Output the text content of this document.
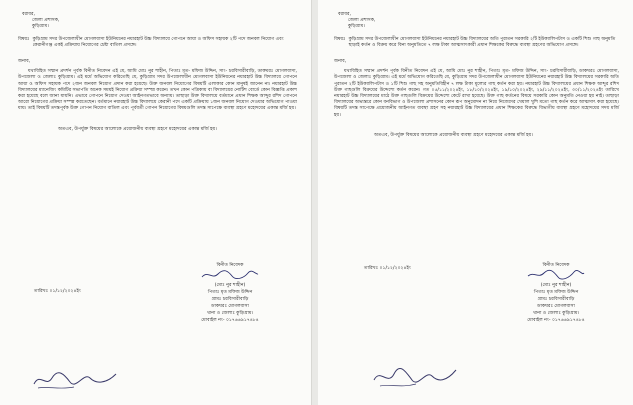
বরাবর,
জেলা প্রশাসক,
কুড়িগ্রাম।
বিষয়ঃ কুড়িগ্রাম সদর উপজেলাধীন মোগলবাসা ইউনিয়নের নয়ারহাট উচ্চ বিদ্যালয়ে গোপনে আয়া ও অফিস সহায়ক ২টি পদে জনবল নিয়োগ এবং কেরানীগঞ্জ একই প্রক্রিয়ায় নিয়োগের চেষ্টা বাতিল প্রসঙ্গে।
জনাব,
যথাবিহিত সম্মান প্রদর্শন পূর্বক বিনীত নিবেদন এই যে, আমি মোঃ নুর শাহীন, পিতাঃ মৃত- মফিজ উদ্দিন, সাং- চরবিসারীবাড়ি, ডাকঘরঃ মোগলবাসা, উপজেলা ও জেলাঃ কুড়িগ্রাম। এই মর্মে অভিযোগ করিতেছি যে, কুড়িগ্রাম সদর উপজেলাধীন মোগলবাসা ইউনিয়নের নয়ারহাট উচ্চ বিদ্যালয়ে গোপনে আয়া ও অফিস সহায়ক পদে ২জন জনবল নিয়োগ প্রদান করা হয়েছে। উক্ত জনবল নিয়োগের বিষয়টি এলাকার কোন মানুষই জানেন না। নয়ারহাট উচ্চ বিদ্যালয়ের ম্যানেজিং কমিটির সভাপতি অনেক সময়ই নিয়োগ প্রক্রিয়া সম্পন্ন করেন। তখন কোন পত্রিকায় বা বিদ্যালয়ের নোটিশ বোর্ডে কোন বিজ্ঞপ্তি প্রকাশ করা হয়েছে বলে জানা যায়নি। এভাবে গোপনে নিয়োগ দেওয়া আইনগতভাবে অন্যায়। তাছাড়া উক্ত বিদ্যালয়ে বর্তমানে প্রধান শিক্ষক আব্দুর রশিদ গোপনে আরো নিয়োগের প্রক্রিয়া সম্পন্ন করতেছেন। বর্তমানে নয়ারহাট উচ্চ বিদ্যালয়ে কেরানী পদে একটি প্রক্রিয়ায় ১জন জনবল নিয়োগ দেওয়ার অভিযোগ পাওয়া যায়। তাই বিষয়টি তদন্তপূর্বক উক্ত গোপন নিয়োগ বাতিল এবং পূর্ববর্তী গোপন নিয়োগের বিষয়গুলি তদন্ত সাপেক্ষে ব্যবস্থা গ্রহণে মহোদয়ের একান্ত মর্জি হয়।
অতএব, উপর্যুক্ত বিষয়ের আলোকে প্রয়োজনীয় ব্যবস্থা গ্রহণে মহোদয়ের একান্ত মর্জি হয়।
বিনীত নিবেদক
(মোঃ নুর শাহীন)
পিতাঃ মৃত মফিজ উদ্দিন
গ্রামঃ চরবিসারীবাড়ি
ডাকঘরঃ মোগলবাসা
থানা ও জেলাঃ কুড়িগ্রাম।
মোবাইল নং- ০১৭৬৬৯১৭৪৮৪
তারিখঃ ০১/১২/২০২৪ইং
বরাবর,
জেলা প্রশাসক,
কুড়িগ্রাম।
বিষয়ঃ কুড়িগ্রাম সদর উপজেলাধীন মোগলবাসা ইউনিয়নের নয়ারহাট উচ্চ বিদ্যালয়ের অতি পুরাতন সরকারি ২টি ইউক্যালিপটাস ও একটি শিশু গাছ অনুমতি ছাড়াই কর্তন ও বিক্রয় করে বিনা অনুমতিতে ৭ লক্ষ টাকা আত্মসাৎকারী প্রধান শিক্ষকের বিরুদ্ধে ব্যবস্থা গ্রহণের অভিযোগ প্রসঙ্গে।
জনাব,
যথাবিহিত সম্মান প্রদর্শন পূর্বক বিনীত নিবেদন এই যে, আমি মোঃ নুর শাহীন, পিতাঃ মৃত- মফিজ উদ্দিন, সাং- চরবিসারীবাড়ি, ডাকঘরঃ মোগলবাসা, উপজেলা ও জেলাঃ কুড়িগ্রাম। এই মর্মে অভিযোগ করিতেছি যে, কুড়িগ্রাম সদর উপজেলাধীন মোগলবাসা ইউনিয়নের নয়ারহাট উচ্চ বিদ্যালয়ের সরকারি অতি পুরাতন ২টি ইউক্যালিপটাস ও ১টি শিশু গাছ সহ অনুমতিবিহীন ৭ লক্ষ টাকা মূল্যের গাছ কর্তন করা হয়। নয়ারহাট উচ্চ বিদ্যালয়ের প্রধান শিক্ষক আব্দুর রশিদ উক্ত গাছগুলি বিক্রয়ের উদ্দেশ্যে কর্তন করেন। গত ০৫/১১/২০২৪ইং, ১৮/১০/২০২৪ইং, ১৯/১০/২০২৪ইং, ২৯/১১/২০২৪ইং, ৩০/১১/২০২৪ইং তারিখে নয়ারহাট উচ্চ বিদ্যালয়ের মাঠে উক্ত গাছগুলি বিক্রয়ের উদ্দেশ্যে কেটে রাখা হয়েছে। উক্ত গাছ কর্তনের বিষয়ে সরকারি কোন অনুমতি নেওয়া হয় নাই। তাছাড়া বিদ্যালয়ের অভ্যন্তরে কোন বনবিভাগ ও উপজেলা প্রশাসনের কোন রূপ অনুমোদন না নিয়ে নিজেদের খেয়াল খুশি মতো গাছ কর্তন করে আত্মসাৎ করা হয়েছে। বিষয়টি তদন্ত সাপেক্ষে প্রয়োজনীয় আইনগত ব্যবস্থা গ্রহণ সহ নয়ারহাট উচ্চ বিদ্যালয়ের প্রধান শিক্ষকের বিরুদ্ধে বিভাগীয় ব্যবস্থা গ্রহণে মহোদয়ের সদয় মর্জি হয়।
অতএব, উপর্যুক্ত বিষয়ের আলোকে প্রয়োজনীয় ব্যবস্থা গ্রহণে মহোদয়ের একান্ত মর্জি হয়।
বিনীত নিবেদক
(মোঃ নুর শাহীন)
পিতাঃ মৃত মফিজ উদ্দিন
গ্রামঃ চরবিসারীবাড়ি
ডাকঘরঃ মোগলবাসা
থানা ও জেলাঃ কুড়িগ্রাম।
মোবাইল নং- ০১৭৬৬৯১৭৪৮৪
তারিখঃ ০১/১২/২০২৪ইং
